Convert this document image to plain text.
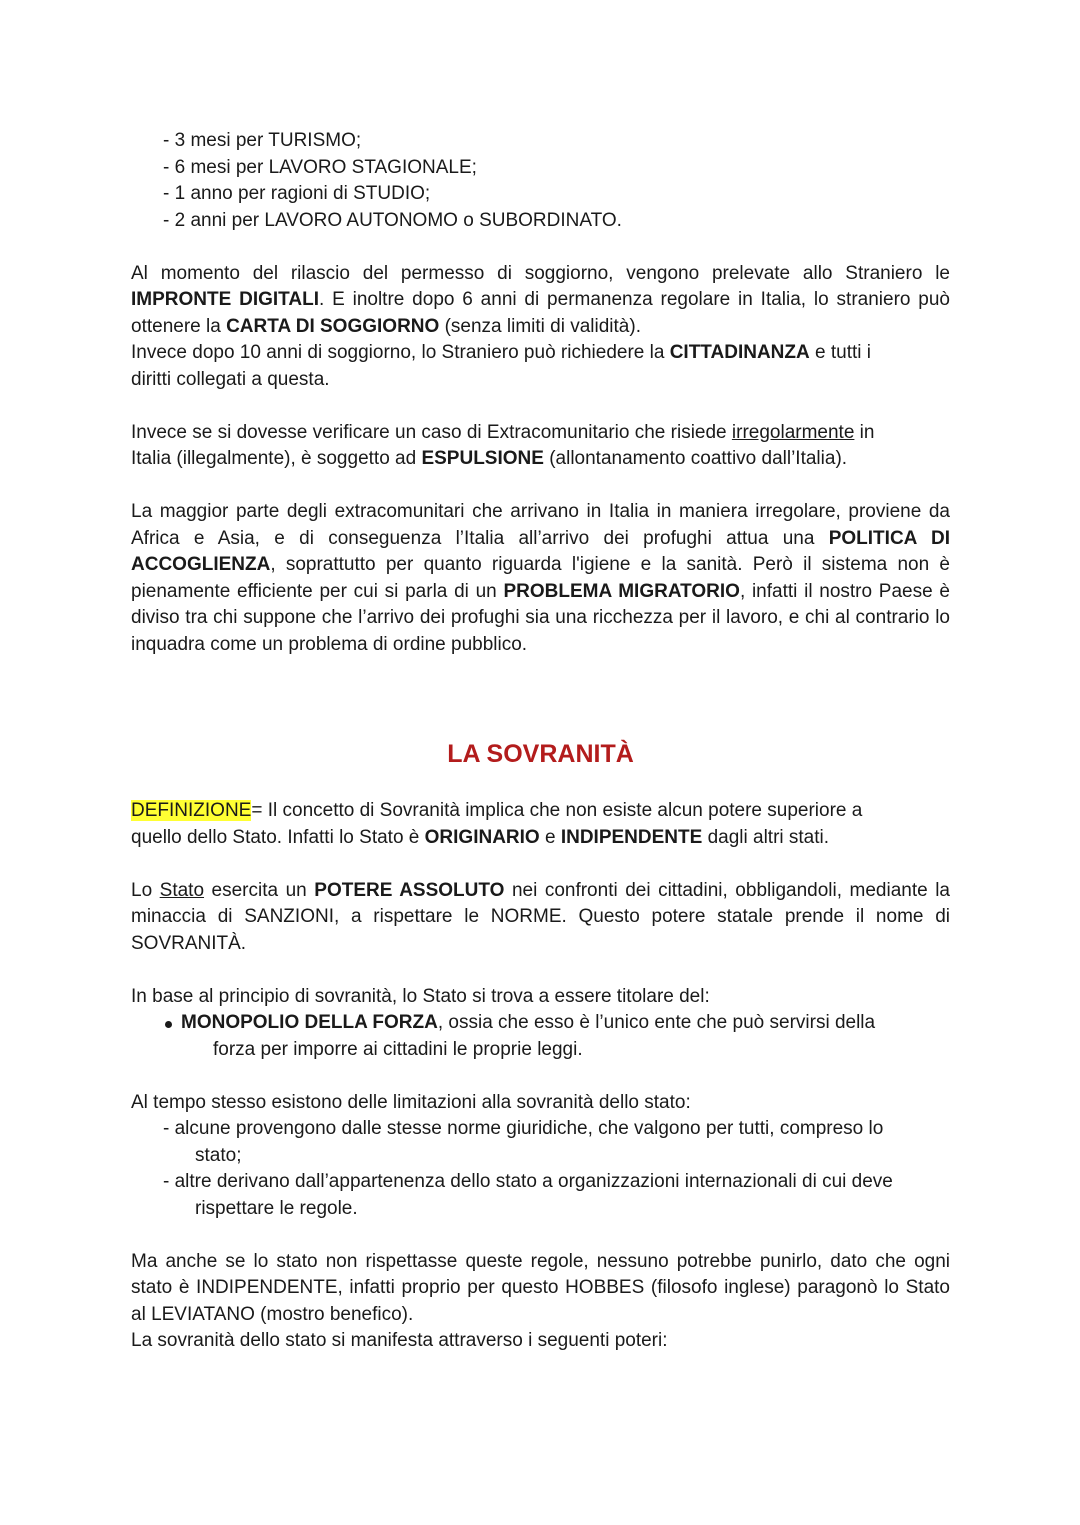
- 3 mesi per TURISMO;
- 6 mesi per LAVORO STAGIONALE;
- 1 anno per ragioni di STUDIO;
- 2 anni per LAVORO AUTONOMO o SUBORDINATO.

Al momento del rilascio del permesso di soggiorno, vengono prelevate allo Straniero le IMPRONTE DIGITALI. E inoltre dopo 6 anni di permanenza regolare in Italia, lo straniero può ottenere la CARTA DI SOGGIORNO (senza limiti di validità).

Invece dopo 10 anni di soggiorno, lo Straniero può richiedere la CITTADINANZA e tutti i diritti collegati a questa.

Invece se si dovesse verificare un caso di Extracomunitario che risiede irregolarmente in Italia (illegalmente), è soggetto ad ESPULSIONE (allontanamento coattivo dall’Italia).

La maggior parte degli extracomunitari che arrivano in Italia in maniera irregolare, proviene da Africa e Asia, e di conseguenza l’Italia all’arrivo dei profughi attua una POLITICA DI ACCOGLIENZA, soprattutto per quanto riguarda l'igiene e la sanità. Però il sistema non è pienamente efficiente per cui si parla di un PROBLEMA MIGRATORIO, infatti il nostro Paese è diviso tra chi suppone che l’arrivo dei profughi sia una ricchezza per il lavoro, e chi al contrario lo inquadra come un problema di ordine pubblico.

LA SOVRANITÀ

DEFINIZIONE= Il concetto di Sovranità implica che non esiste alcun potere superiore a quello dello Stato. Infatti lo Stato è ORIGINARIO e INDIPENDENTE dagli altri stati.

Lo Stato esercita un POTERE ASSOLUTO nei confronti dei cittadini, obbligandoli, mediante la minaccia di SANZIONI, a rispettare le NORME. Questo potere statale prende il nome di SOVRANITÀ.

In base al principio di sovranità, lo Stato si trova a essere titolare del:

MONOPOLIO DELLA FORZA, ossia che esso è l’unico ente che può servirsi della
forza per imporre ai cittadini le proprie leggi.

Al tempo stesso esistono delle limitazioni alla sovranità dello stato:

- alcune provengono dalle stesse norme giuridiche, che valgono per tutti, compreso lo
stato;
- altre derivano dall’appartenenza dello stato a organizzazioni internazionali di cui deve
rispettare le regole.

Ma anche se lo stato non rispettasse queste regole, nessuno potrebbe punirlo, dato che ogni stato è INDIPENDENTE, infatti proprio per questo HOBBES (filosofo inglese) paragonò lo Stato al LEVIATANO (mostro benefico).

La sovranità dello stato si manifesta attraverso i seguenti poteri:
